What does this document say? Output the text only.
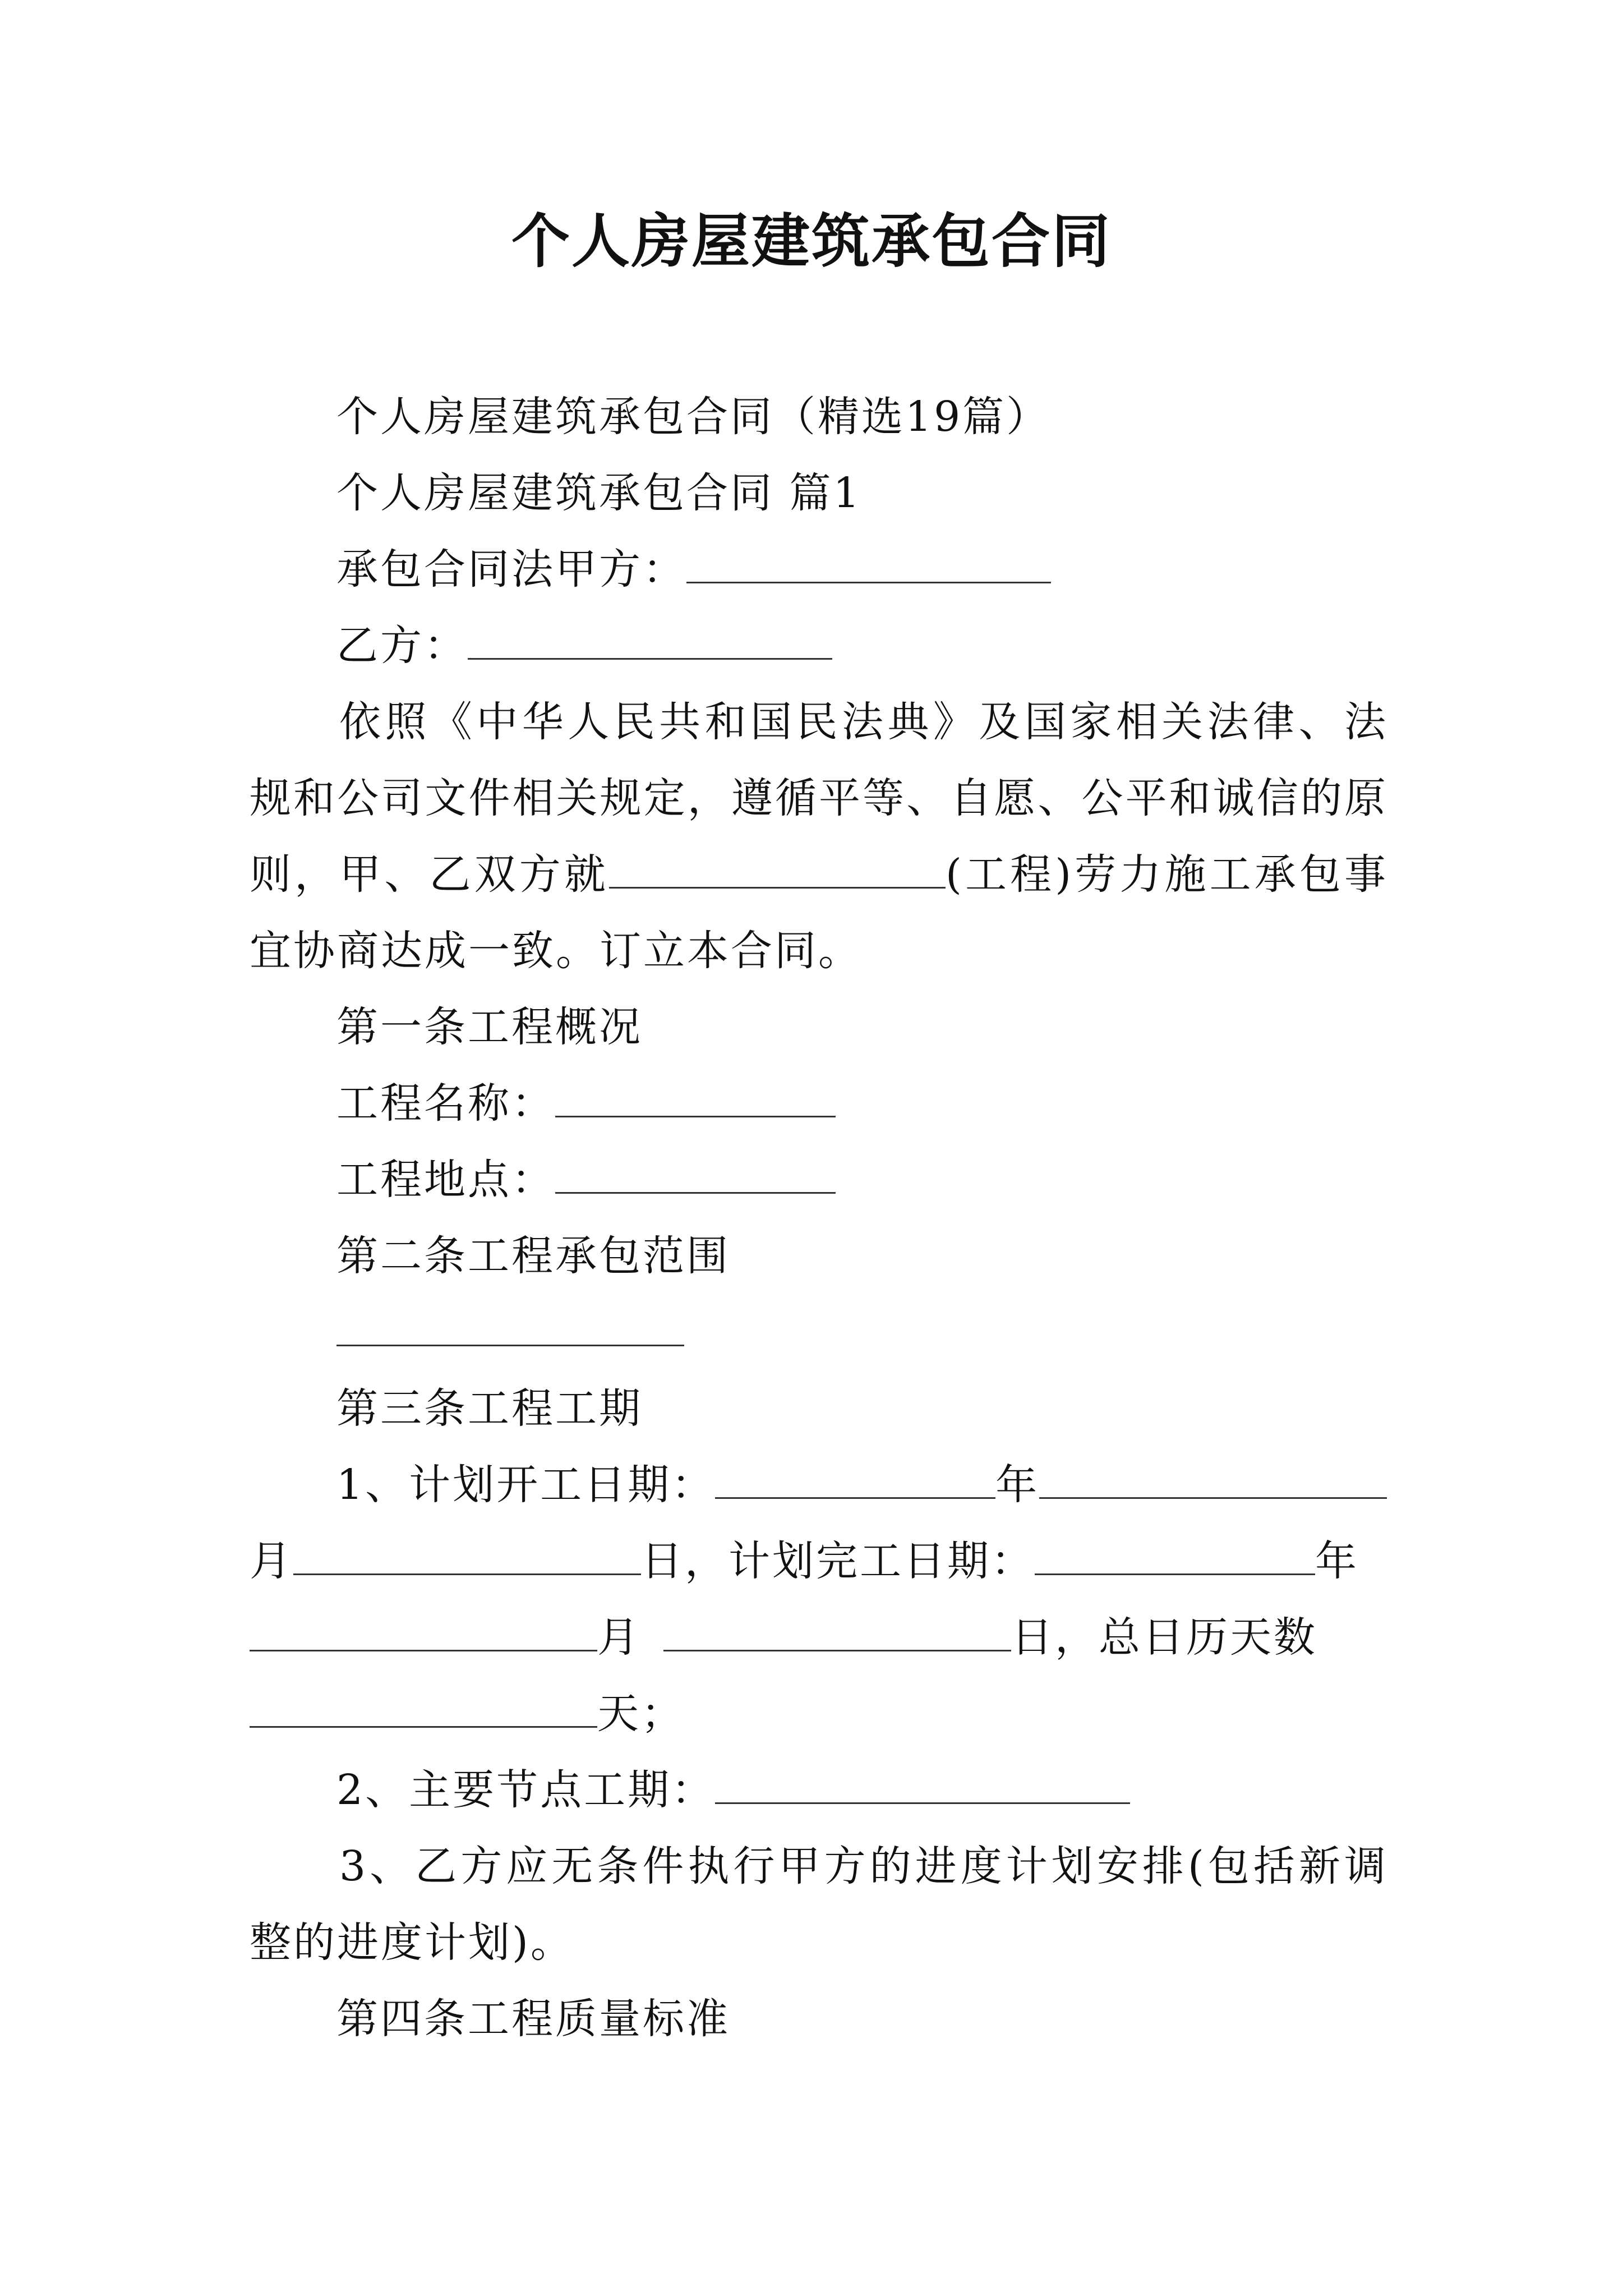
个人房屋建筑承包合同
个人房屋建筑承包合同（精选19篇）
个人房屋建筑承包合同 篇1
承包合同法甲方：
乙方：
依照《中华人民共和国民法典》及国家相关法律、法规和公司文件相关规定，遵循平等、自愿、公平和诚信的原则，甲、乙双方就	(工程)劳力施工承包事宜协商达成一致。订立本合同。
第一条工程概况
工程名称：
工程地点：
第二条工程承包范围
第三条工程工期
1、计划开工日期：	年
月	日，计划完工日期：	年
月	日，总日历天数
天；
2、主要节点工期：
3、乙方应无条件执行甲方的进度计划安排(包括新调整的进度计划)。
第四条工程质量标准
